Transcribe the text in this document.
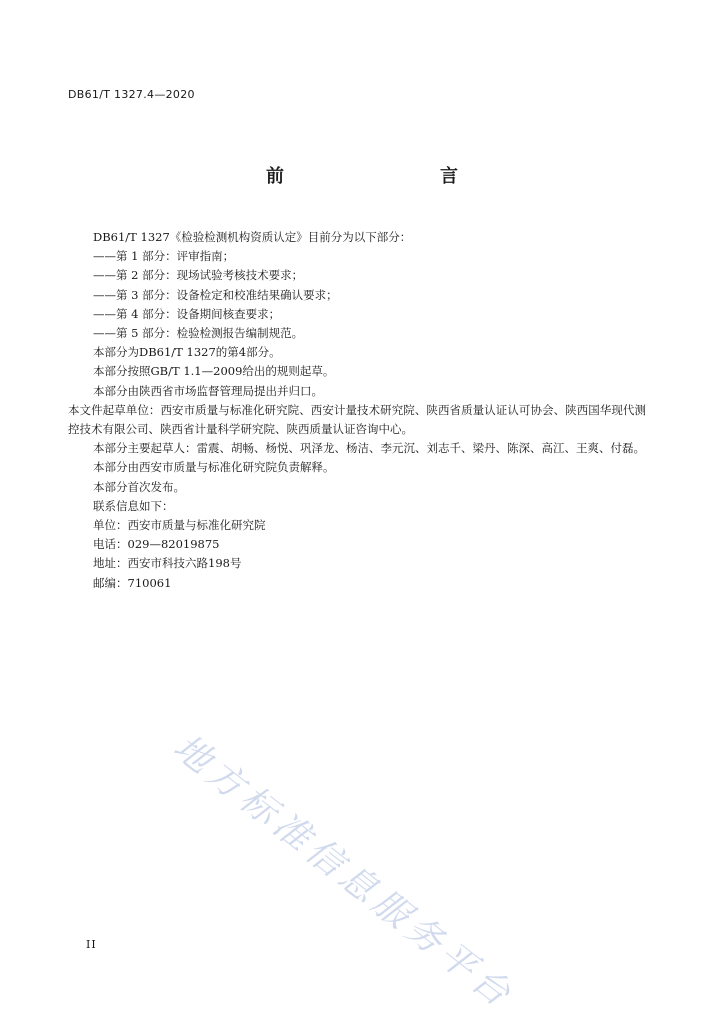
DB61/T 1327.4—2020
前　　言

DB61/T 1327《检验检测机构资质认定》目前分为以下部分：

——第 1 部分：评审指南；

——第 2 部分：现场试验考核技术要求；

——第 3 部分：设备检定和校准结果确认要求；

——第 4 部分：设备期间核查要求；

——第 5 部分：检验检测报告编制规范。

本部分为DB61/T 1327的第4部分。

本部分按照GB/T 1.1—2009给出的规则起草。

本部分由陕西省市场监督管理局提出并归口。

本文件起草单位：西安市质量与标准化研究院、西安计量技术研究院、陕西省质量认证认可协会、陕西国华现代测控技术有限公司、陕西省计量科学研究院、陕西质量认证咨询中心。

本部分主要起草人：雷震、胡畅、杨悦、巩泽龙、杨洁、李元沉、刘志千、梁丹、陈深、高江、王爽、付磊。

本部分由西安市质量与标准化研究院负责解释。

本部分首次发布。

联系信息如下：

单位：西安市质量与标准化研究院

电话：029—82019875

地址：西安市科技六路198号

邮编：710061

地方标准信息服务平台
II
